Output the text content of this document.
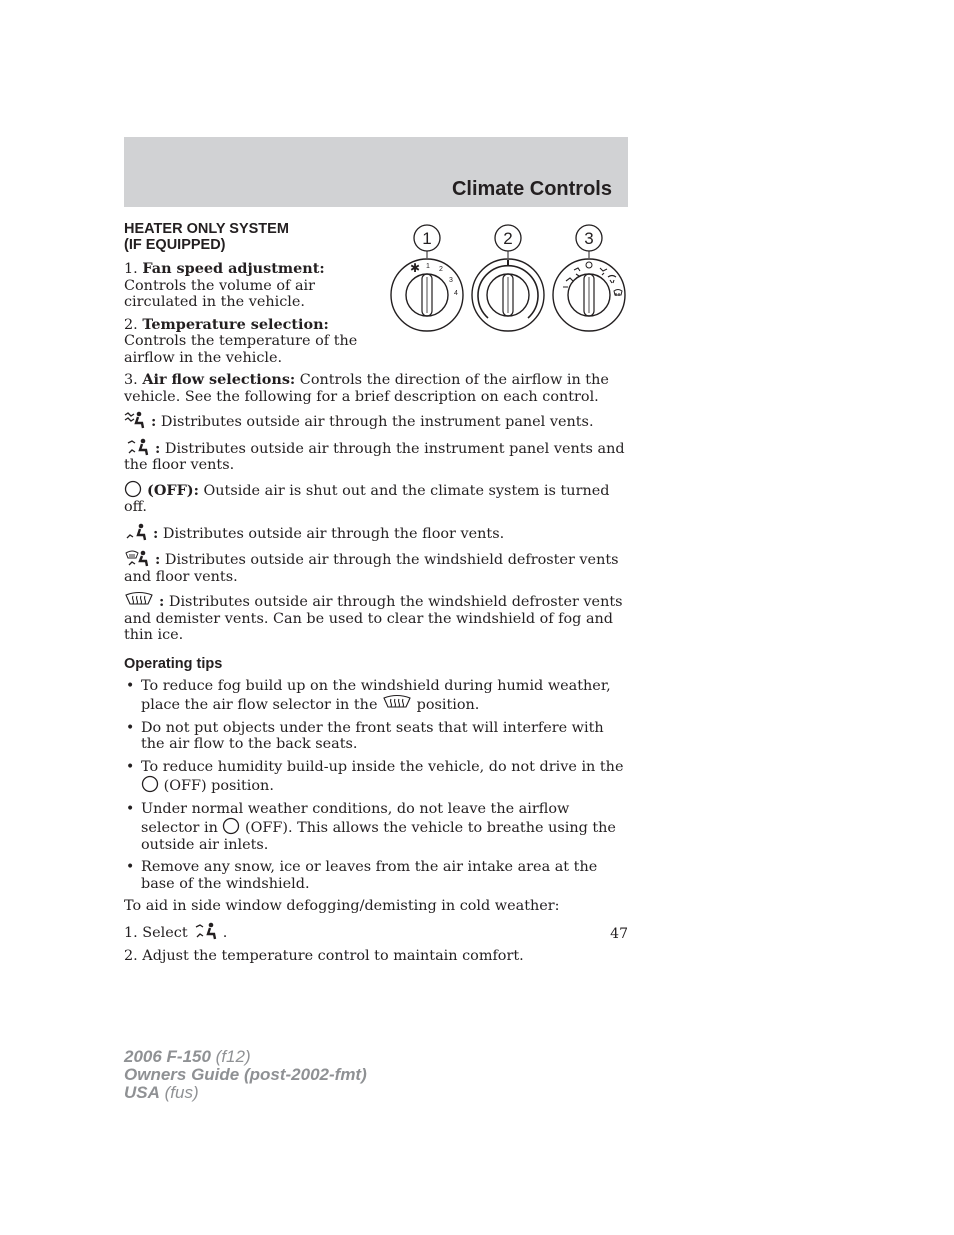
Climate Controls
1	2	3
✱ 1 2
3
4
HEATER ONLY SYSTEM
(IF EQUIPPED)

1. Fan speed adjustment: Controls the volume of air circulated in the vehicle.

2. Temperature selection: Controls the temperature of the airflow in the vehicle.

3. Air flow selections: Controls the direction of the airflow in the vehicle. See the following for a brief description on each control.

: Distributes outside air through the instrument panel vents.

: Distributes outside air through the instrument panel vents and the floor vents.

(OFF): Outside air is shut out and the climate system is turned off.

: Distributes outside air through the floor vents.

: Distributes outside air through the windshield defroster vents and floor vents.

: Distributes outside air through the windshield defroster vents and demister vents. Can be used to clear the windshield of fog and thin ice.

Operating tips
• To reduce fog build up on the windshield during humid weather, place the air flow selector in the  position.
• Do not put objects under the front seats that will interfere with the air flow to the back seats.
• To reduce humidity build-up inside the vehicle, do not drive in the  (OFF) position.
• Under normal weather conditions, do not leave the airflow selector in  (OFF). This allows the vehicle to breathe using the outside air inlets.
• Remove any snow, ice or leaves from the air intake area at the base of the windshield.

To aid in side window defogging/demisting in cold weather:

1. Select  .

2. Adjust the temperature control to maintain comfort.

47
2006 F-150 (f12)
Owners Guide (post-2002-fmt)
USA (fus)
